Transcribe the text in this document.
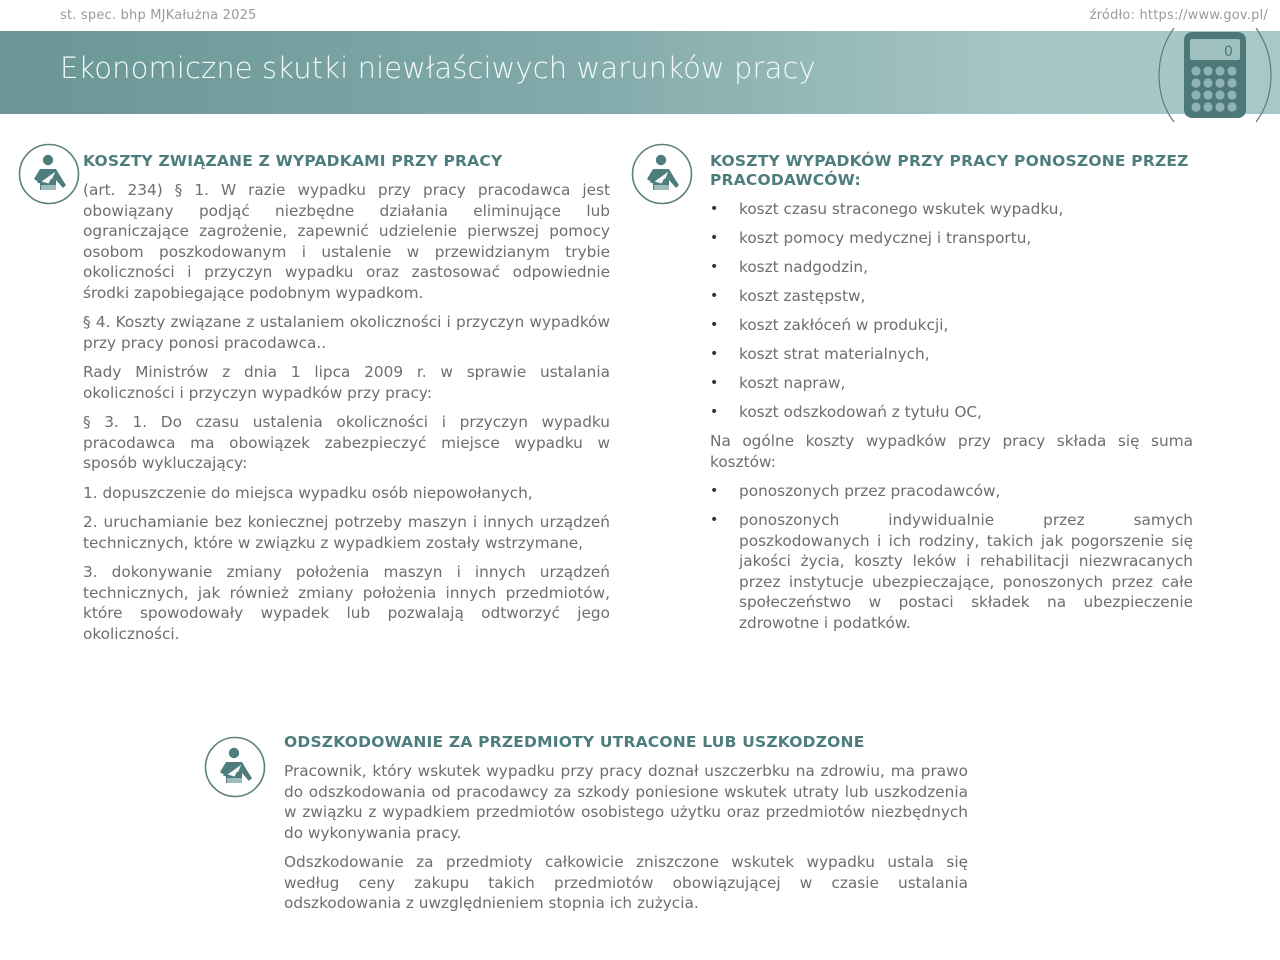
st. spec. bhp MJKałużna 2025	źródło: https://www.gov.pl/
Ekonomiczne skutki niewłaściwych warunków pracy	0
KOSZTY ZWIĄZANE Z WYPADKAMI PRZY PRACY

(art. 234) § 1. W razie wypadku przy pracy pracodawca jest obowiązany podjąć niezbędne działania eliminujące lub ograniczające zagrożenie, zapewnić udzielenie pierwszej pomocy osobom poszkodowanym i ustalenie w przewidzianym trybie okoliczności i przyczyn wypadku oraz zastosować odpowiednie środki zapobiegające podobnym wypadkom.

§ 4. Koszty związane z ustalaniem okoliczności i przyczyn wypadków przy pracy ponosi pracodawca..

Rady Ministrów z dnia 1 lipca 2009 r. w sprawie ustalania okoliczności i przyczyn wypadków przy pracy:

§ 3. 1. Do czasu ustalenia okoliczności i przyczyn wypadku pracodawca ma obowiązek zabezpieczyć miejsce wypadku w sposób wykluczający:

1. dopuszczenie do miejsca wypadku osób niepowołanych,

2. uruchamianie bez koniecznej potrzeby maszyn i innych urządzeń technicznych, które w związku z wypadkiem zostały wstrzymane,

3. dokonywanie zmiany położenia maszyn i innych urządzeń technicznych, jak również zmiany położenia innych przedmiotów, które spowodowały wypadek lub pozwalają odtworzyć jego okoliczności.

KOSZTY WYPADKÓW PRZY PRACY PONOSZONE PRZEZ PRACODAWCÓW:
• koszt czasu straconego wskutek wypadku,
• koszt pomocy medycznej i transportu,
• koszt nadgodzin,
• koszt zastępstw,
• koszt zakłóceń w produkcji,
• koszt strat materialnych,
• koszt napraw,
• koszt odszkodowań z tytułu OC,

Na ogólne koszty wypadków przy pracy składa się suma kosztów:

• ponoszonych przez pracodawców,
• ponoszonych indywidualnie przez samych poszkodowanych i ich rodziny, takich jak pogorszenie się jakości życia, koszty leków i rehabilitacji niezwracanych przez instytucje ubezpieczające, ponoszonych przez całe społeczeństwo w postaci składek na ubezpieczenie zdrowotne i podatków.
ODSZKODOWANIE ZA PRZEDMIOTY UTRACONE LUB USZKODZONE

Pracownik, który wskutek wypadku przy pracy doznał uszczerbku na zdrowiu, ma prawo do odszkodowania od pracodawcy za szkody poniesione wskutek utraty lub uszkodzenia w związku z wypadkiem przedmiotów osobistego użytku oraz przedmiotów niezbędnych do wykonywania pracy.

Odszkodowanie za przedmioty całkowicie zniszczone wskutek wypadku ustala się według ceny zakupu takich przedmiotów obowiązującej w czasie ustalania odszkodowania z uwzględnieniem stopnia ich zużycia.
